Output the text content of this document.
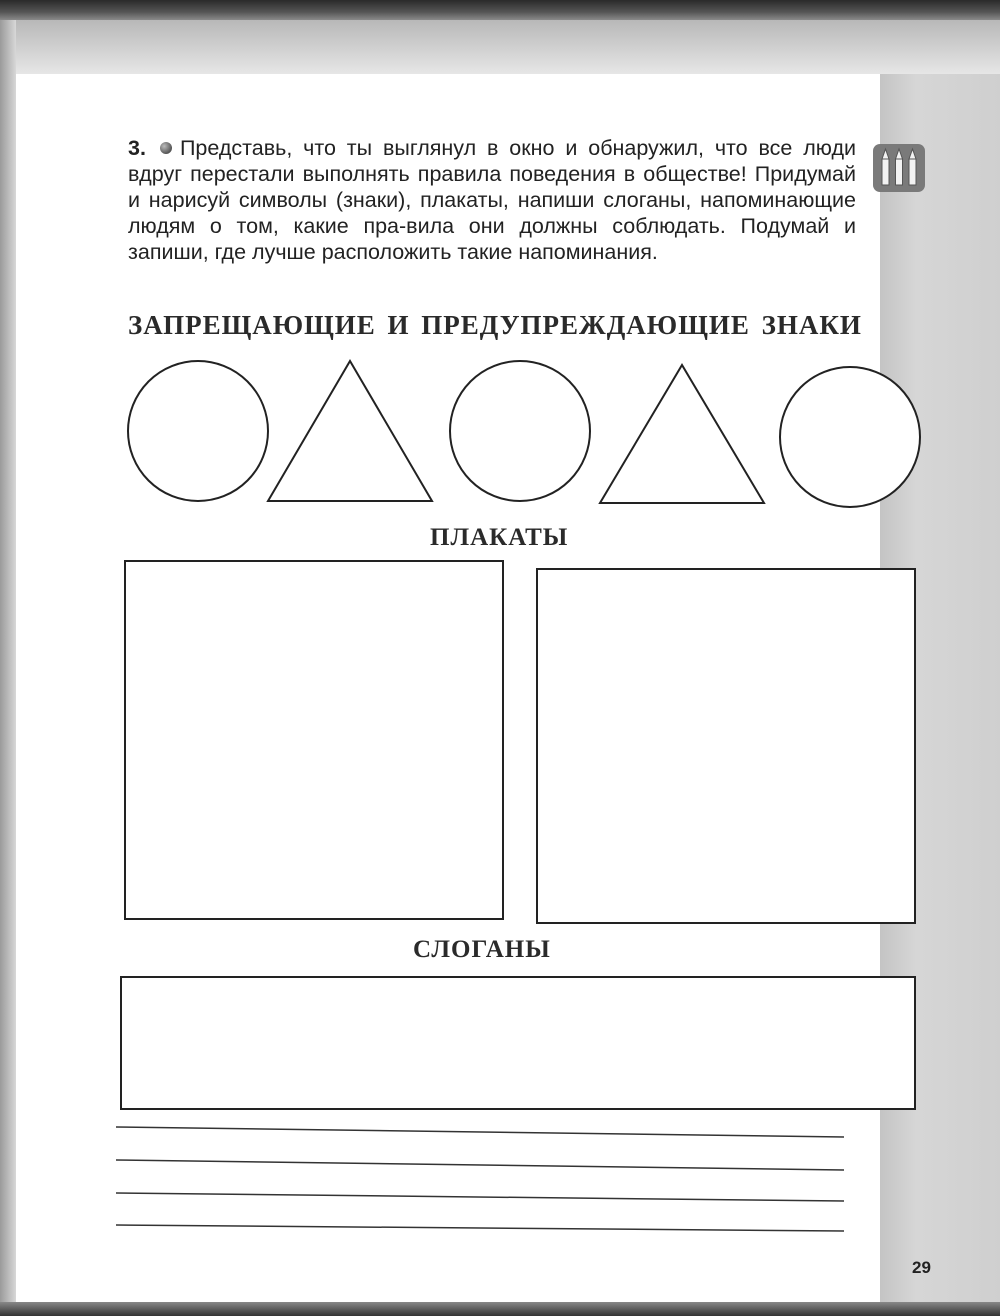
3. Представь, что ты выглянул в окно и обнаружил, что все люди вдруг перестали выполнять правила поведения в обществе! Придумай и нарисуй символы (знаки), плакаты, напиши слоганы, напоминающие людям о том, какие пра-вила они должны соблюдать. Подумай и запиши, где лучше расположить такие напоминания.
ЗАПРЕЩАЮЩИЕ И ПРЕДУПРЕЖДАЮЩИЕ ЗНАКИ
ПЛАКАТЫ
СЛОГАНЫ
29
